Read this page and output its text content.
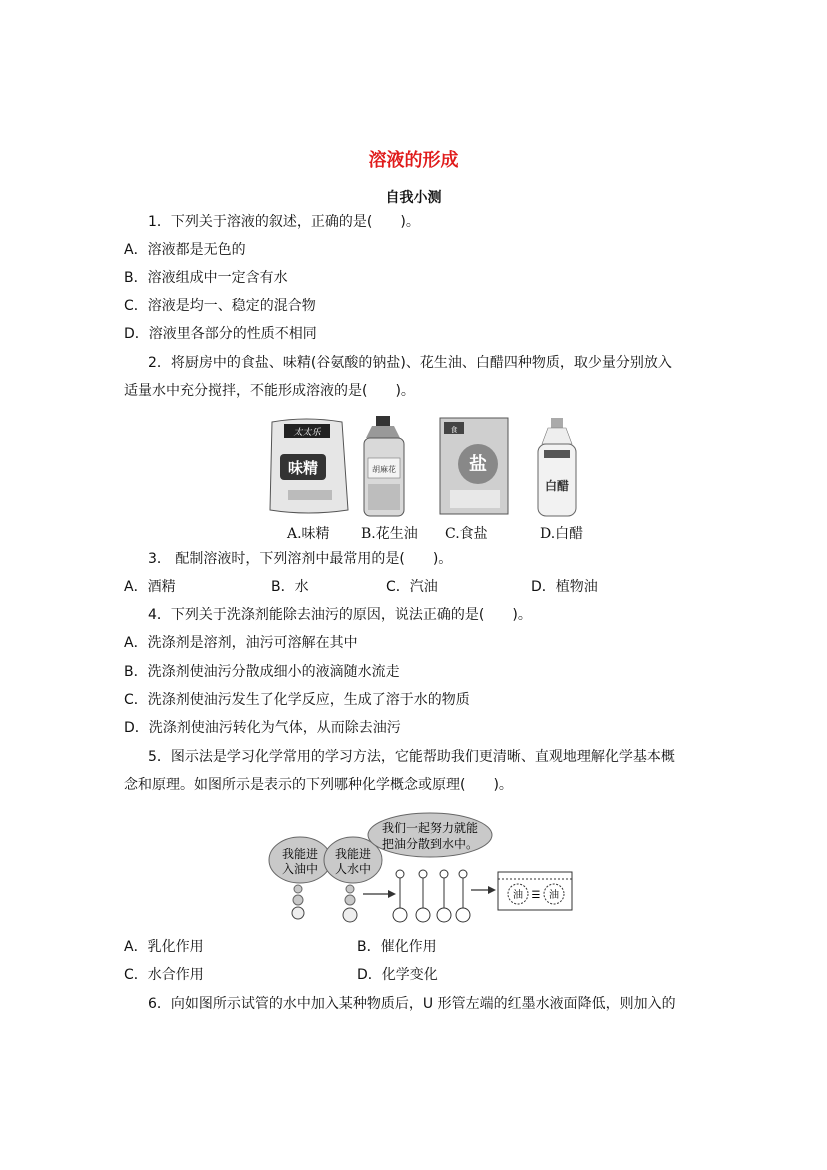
溶液的形成
自我小测
1．下列关于溶液的叙述，正确的是(　　)。
A．溶液都是无色的
B．溶液组成中一定含有水
C．溶液是均一、稳定的混合物
D．溶液里各部分的性质不相同
2．将厨房中的食盐、味精(谷氨酸的钠盐)、花生油、白醋四种物质，取少量分别放入
适量水中充分搅拌，不能形成溶液的是(　　)。
太太乐
味精	胡麻花
食
盐
白醋
A.味精 B.花生油 C.食盐	D.白醋
3． 配制溶液时，下列溶剂中最常用的是(　　)。
A．酒精	B．水	C．汽油	D．植物油
4．下列关于洗涤剂能除去油污的原因，说法正确的是(　　)。
A．洗涤剂是溶剂，油污可溶解在其中
B．洗涤剂使油污分散成细小的液滴随水流走
C．洗涤剂使油污发生了化学反应，生成了溶于水的物质
D．洗涤剂使油污转化为气体，从而除去油污
5．图示法是学习化学常用的学习方法，它能帮助我们更清晰、直观地理解化学基本概
念和原理。如图所示是表示的下列哪种化学概念或原理(　　)。
我能进
入油中
我能进
人水中
我们一起努力就能
把油分散到水中。
油 ☰ 油
A．乳化作用	B．催化作用
C．水合作用	D．化学变化
6．向如图所示试管的水中加入某种物质后，U 形管左端的红墨水液面降低，则加入的
